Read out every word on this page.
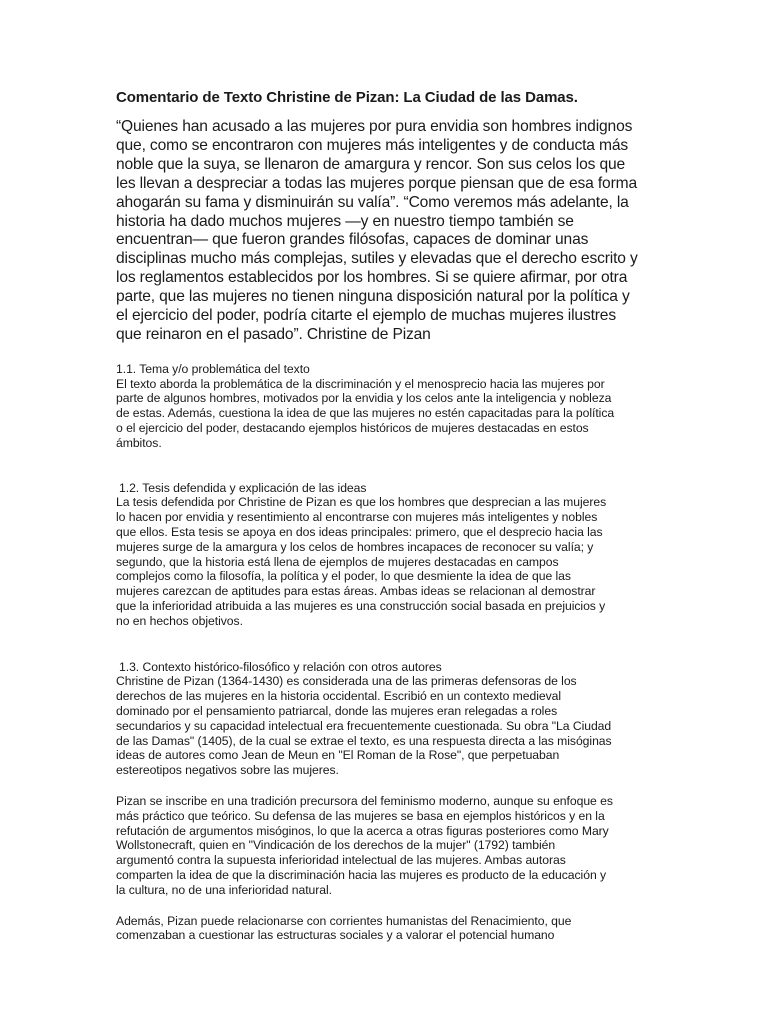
Comentario de Texto Christine de Pizan: La Ciudad de las Damas.
“Quienes han acusado a las mujeres por pura envidia son hombres indignos
que, como se encontraron con mujeres más inteligentes y de conducta más
noble que la suya, se llenaron de amargura y rencor. Son sus celos los que
les llevan a despreciar a todas las mujeres porque piensan que de esa forma
ahogarán su fama y disminuirán su valía”. “Como veremos más adelante, la
historia ha dado muchos mujeres —y en nuestro tiempo también se
encuentran— que fueron grandes filósofas, capaces de dominar unas
disciplinas mucho más complejas, sutiles y elevadas que el derecho escrito y
los reglamentos establecidos por los hombres. Si se quiere afirmar, por otra
parte, que las mujeres no tienen ninguna disposición natural por la política y
el ejercicio del poder, podría citarte el ejemplo de muchas mujeres ilustres
que reinaron en el pasado”. Christine de Pizan
1.1. Tema y/o problemática del texto
El texto aborda la problemática de la discriminación y el menosprecio hacia las mujeres por
parte de algunos hombres, motivados por la envidia y los celos ante la inteligencia y nobleza
de estas. Además, cuestiona la idea de que las mujeres no estén capacitadas para la política
o el ejercicio del poder, destacando ejemplos históricos de mujeres destacadas en estos
ámbitos.
1.2. Tesis defendida y explicación de las ideas
La tesis defendida por Christine de Pizan es que los hombres que desprecian a las mujeres
lo hacen por envidia y resentimiento al encontrarse con mujeres más inteligentes y nobles
que ellos. Esta tesis se apoya en dos ideas principales: primero, que el desprecio hacia las
mujeres surge de la amargura y los celos de hombres incapaces de reconocer su valía; y
segundo, que la historia está llena de ejemplos de mujeres destacadas en campos
complejos como la filosofía, la política y el poder, lo que desmiente la idea de que las
mujeres carezcan de aptitudes para estas áreas. Ambas ideas se relacionan al demostrar
que la inferioridad atribuida a las mujeres es una construcción social basada en prejuicios y
no en hechos objetivos.
1.3. Contexto histórico-filosófico y relación con otros autores
Christine de Pizan (1364-1430) es considerada una de las primeras defensoras de los
derechos de las mujeres en la historia occidental. Escribió en un contexto medieval
dominado por el pensamiento patriarcal, donde las mujeres eran relegadas a roles
secundarios y su capacidad intelectual era frecuentemente cuestionada. Su obra "La Ciudad
de las Damas" (1405), de la cual se extrae el texto, es una respuesta directa a las misóginas
ideas de autores como Jean de Meun en "El Roman de la Rose", que perpetuaban
estereotipos negativos sobre las mujeres.
Pizan se inscribe en una tradición precursora del feminismo moderno, aunque su enfoque es
más práctico que teórico. Su defensa de las mujeres se basa en ejemplos históricos y en la
refutación de argumentos misóginos, lo que la acerca a otras figuras posteriores como Mary
Wollstonecraft, quien en "Vindicación de los derechos de la mujer" (1792) también
argumentó contra la supuesta inferioridad intelectual de las mujeres. Ambas autoras
comparten la idea de que la discriminación hacia las mujeres es producto de la educación y
la cultura, no de una inferioridad natural.
Además, Pizan puede relacionarse con corrientes humanistas del Renacimiento, que
comenzaban a cuestionar las estructuras sociales y a valorar el potencial humano
